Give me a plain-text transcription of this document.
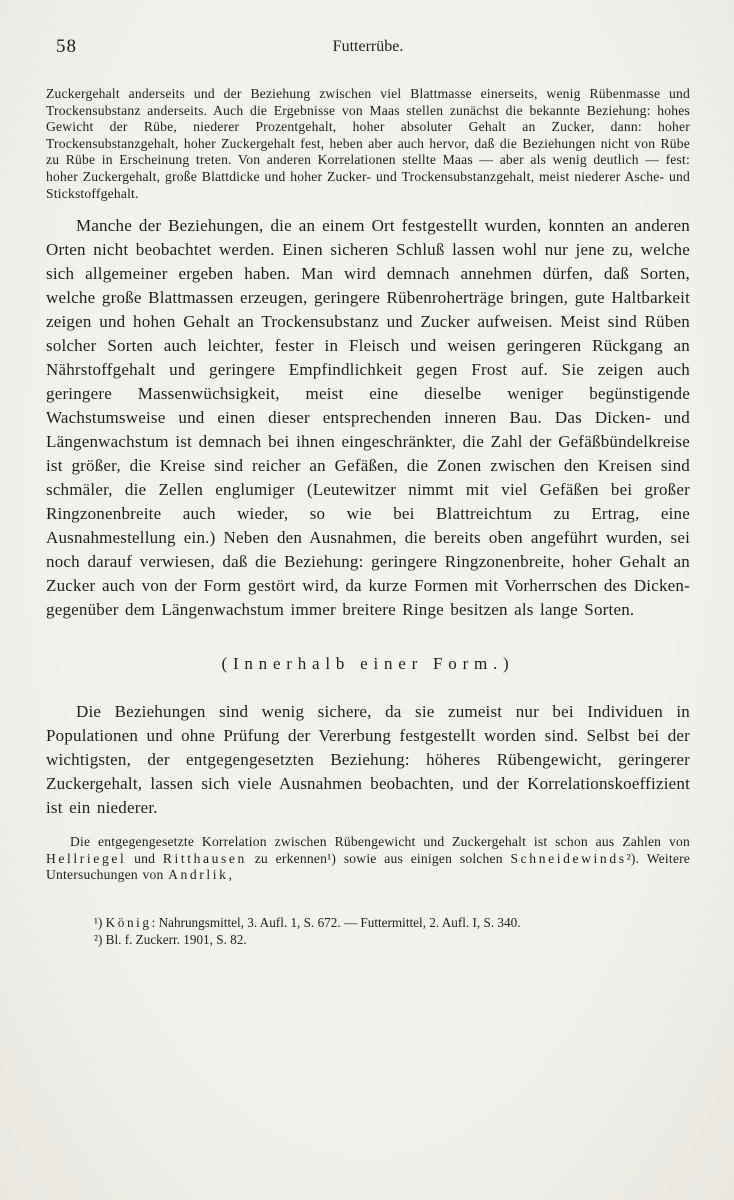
58	Futterrübe.

Zuckergehalt anderseits und der Beziehung zwischen viel Blattmasse einerseits, wenig Rübenmasse und Trockensubstanz anderseits. Auch die Ergebnisse von Maas stellen zunächst die bekannte Beziehung: hohes Gewicht der Rübe, niederer Prozentgehalt, hoher absoluter Gehalt an Zucker, dann: hoher Trockensubstanzgehalt, hoher Zuckergehalt fest, heben aber auch hervor, daß die Beziehungen nicht von Rübe zu Rübe in Erscheinung treten. Von anderen Korrelationen stellte Maas — aber als wenig deutlich — fest: hoher Zuckergehalt, große Blattdicke und hoher Zucker- und Trockensubstanzgehalt, meist niederer Asche- und Stickstoffgehalt.

Manche der Beziehungen, die an einem Ort festgestellt wurden, konnten an anderen Orten nicht beobachtet werden. Einen sicheren Schluß lassen wohl nur jene zu, welche sich allgemeiner ergeben haben. Man wird demnach annehmen dürfen, daß Sorten, welche große Blattmassen erzeugen, geringere Rübenroherträge bringen, gute Haltbarkeit zeigen und hohen Gehalt an Trockensubstanz und Zucker aufweisen. Meist sind Rüben solcher Sorten auch leichter, fester in Fleisch und weisen geringeren Rückgang an Nährstoffgehalt und geringere Empfindlichkeit gegen Frost auf. Sie zeigen auch geringere Massenwüchsigkeit, meist eine dieselbe weniger begünstigende Wachstumsweise und einen dieser entsprechenden inneren Bau. Das Dicken- und Längenwachstum ist demnach bei ihnen eingeschränkter, die Zahl der Gefäßbündelkreise ist größer, die Kreise sind reicher an Gefäßen, die Zonen zwischen den Kreisen sind schmäler, die Zellen englumiger (Leutewitzer nimmt mit viel Gefäßen bei großer Ringzonenbreite auch wieder, so wie bei Blattreichtum zu Ertrag, eine Ausnahmestellung ein.) Neben den Ausnahmen, die bereits oben angeführt wurden, sei noch darauf verwiesen, daß die Beziehung: geringere Ringzonenbreite, hoher Gehalt an Zucker auch von der Form gestört wird, da kurze Formen mit Vorherrschen des Dicken- gegenüber dem Längenwachstum immer breitere Ringe besitzen als lange Sorten.

(Innerhalb einer Form.)

Die Beziehungen sind wenig sichere, da sie zumeist nur bei Individuen in Populationen und ohne Prüfung der Vererbung festgestellt worden sind. Selbst bei der wichtigsten, der entgegengesetzten Beziehung: höheres Rübengewicht, geringerer Zuckergehalt, lassen sich viele Ausnahmen beobachten, und der Korrelationskoeffizient ist ein niederer.

Die entgegengesetzte Korrelation zwischen Rübengewicht und Zuckergehalt ist schon aus Zahlen von Hellriegel und Ritthausen zu erkennen¹) sowie aus einigen solchen Schneidewinds²). Weitere Untersuchungen von Andrlik,

¹) König: Nahrungsmittel, 3. Aufl. 1, S. 672. — Futtermittel, 2. Aufl. I, S. 340.

²) Bl. f. Zuckerr. 1901, S. 82.
